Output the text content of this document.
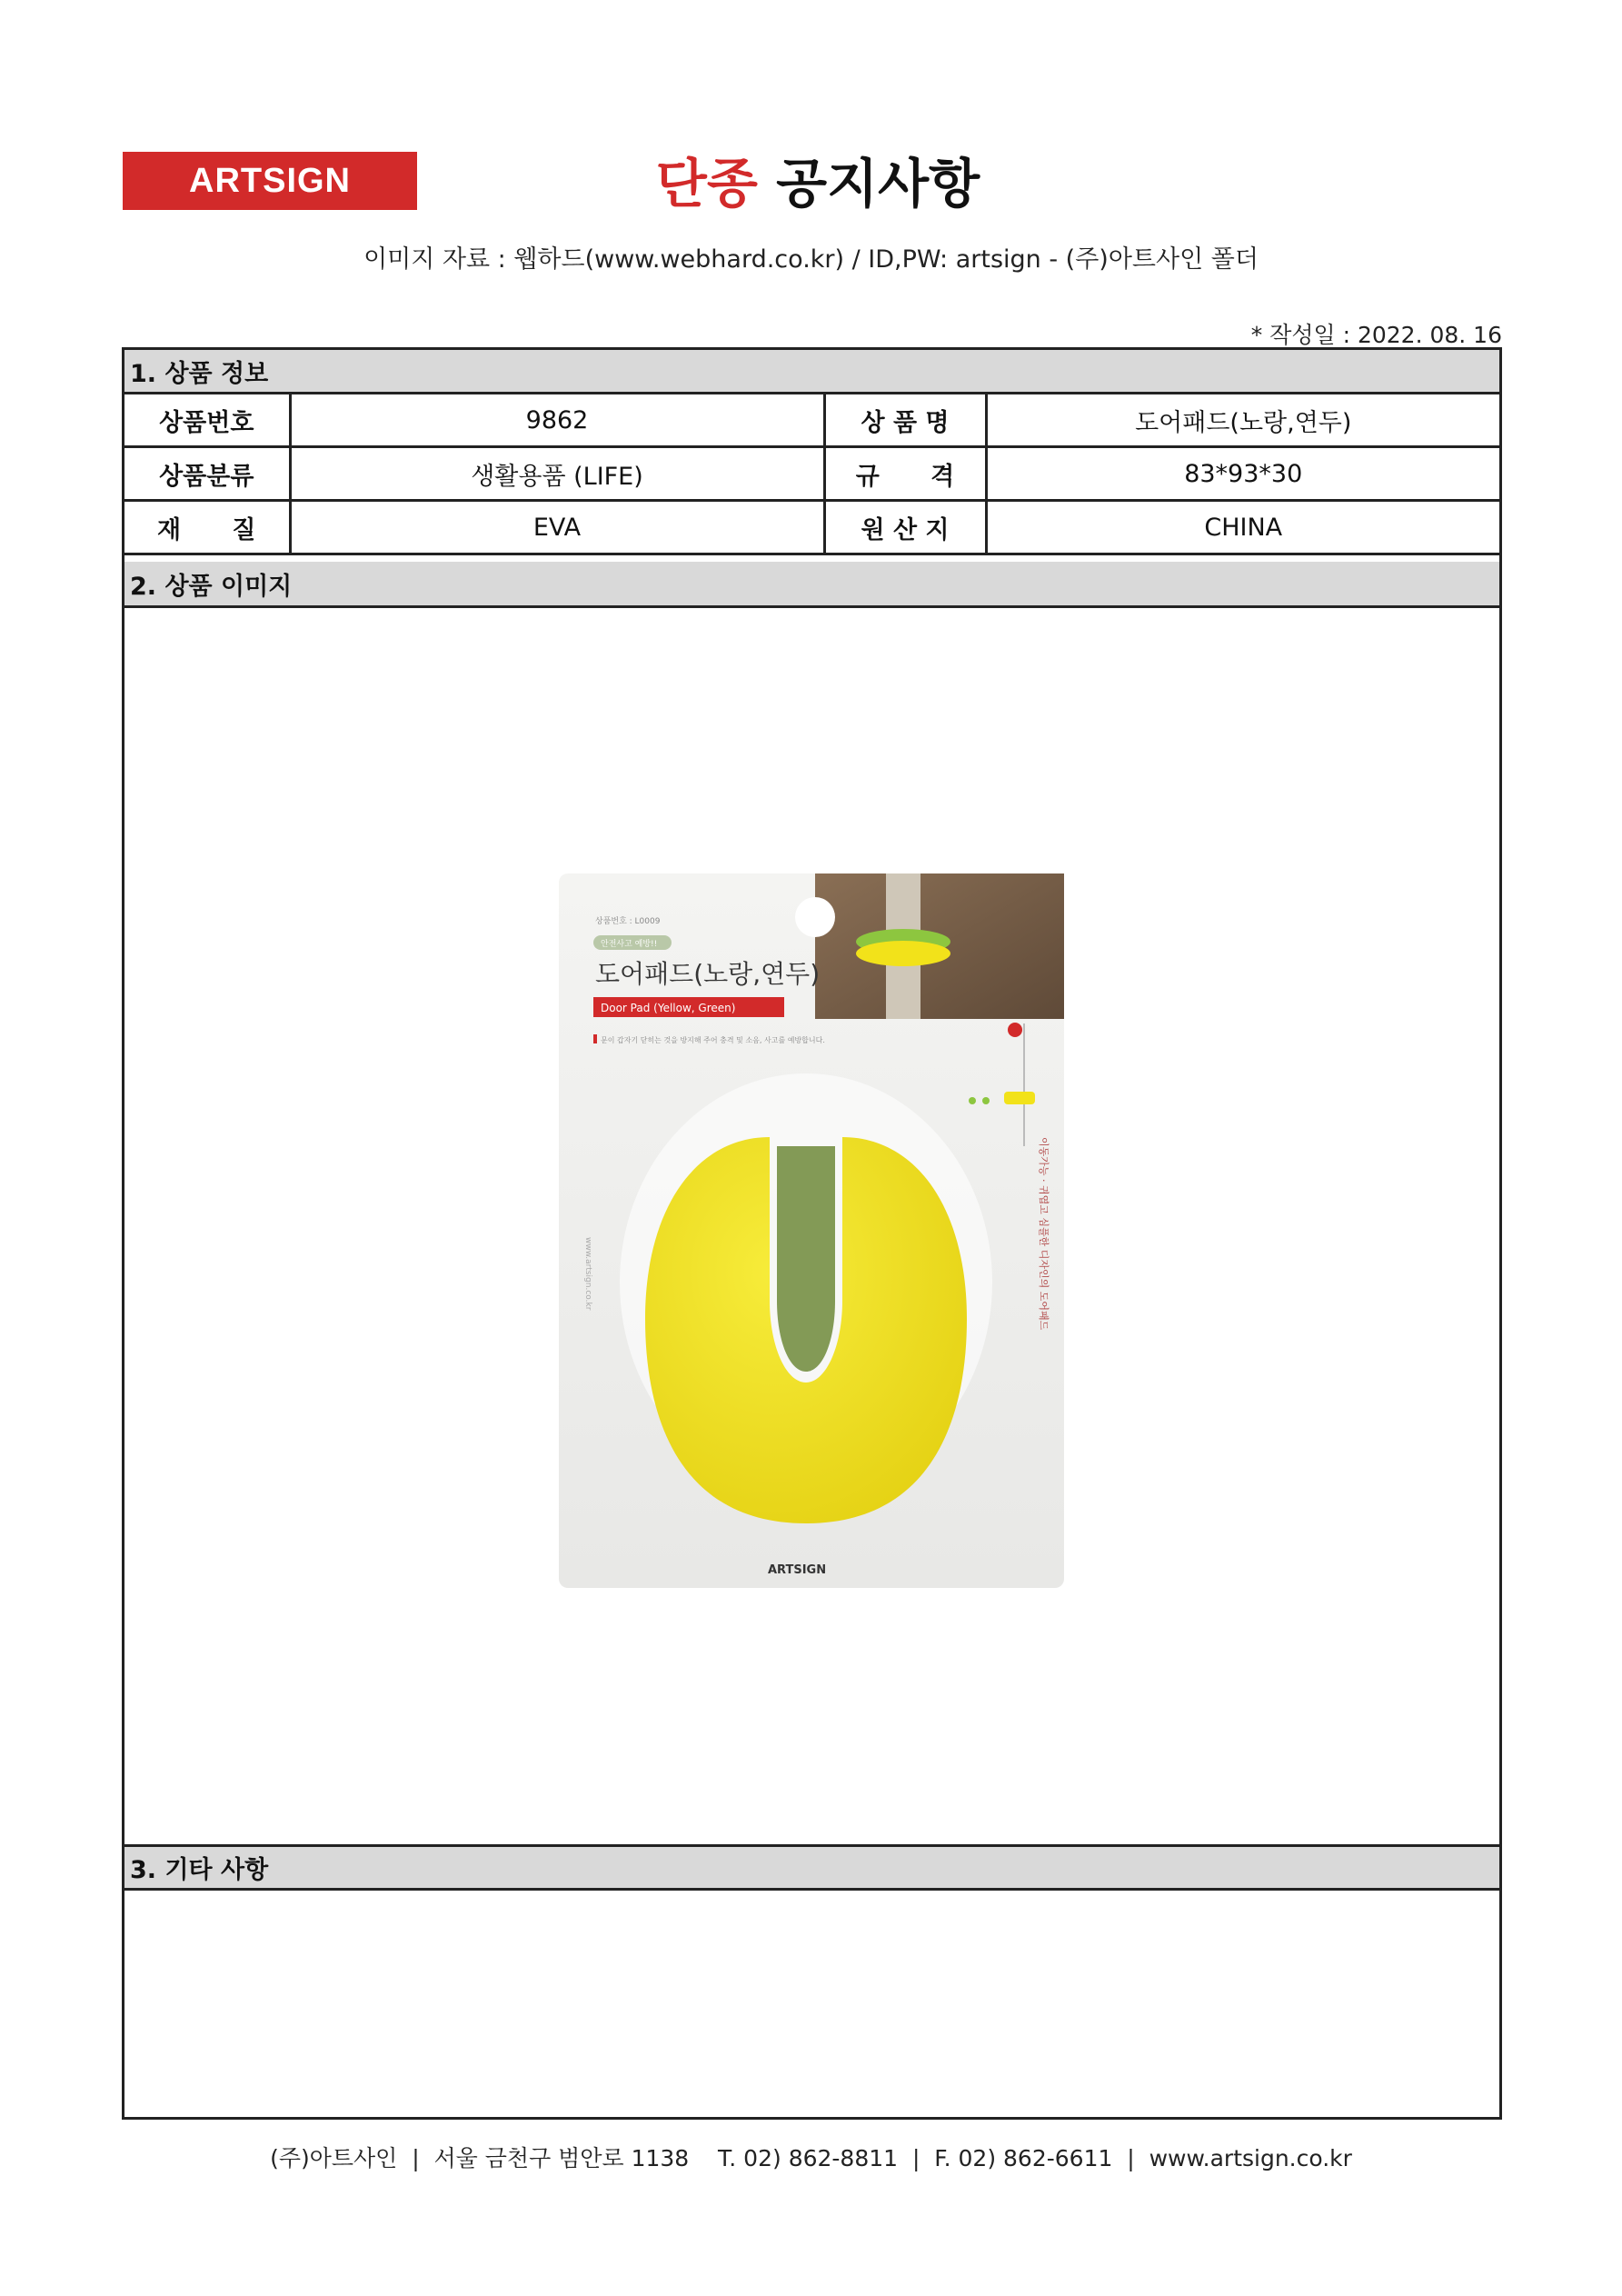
ARTSIGN	단종 공지사항
이미지 자료 : 웹하드(www.webhard.co.kr) / ID,PW: artsign - (주)아트사인 폴더
* 작성일 : 2022. 08. 16
1. 상품 정보
상품번호	9862	상 품 명	도어패드(노랑,연두)
상품분류	생활용품 (LIFE)	규      격	83*93*30
재      질	EVA	원 산 지	CHINA
2. 상품 이미지
상품번호 : L0009
안전사고 예방!!
도어패드(노랑,연두)
Door Pad (Yellow, Green)
문이 갑자기 닫히는 것을 방지해 주어 충격 및 소음, 사고를 예방합니다.
이동가능 · 귀엽고 심플한 디자인의 도어패드
www.artsign.co.kr
ARTSIGN
3. 기타 사항
(주)아트사인  |  서울 금천구 범안로 1138    T. 02) 862-8811  |  F. 02) 862-6611  |  www.artsign.co.kr
